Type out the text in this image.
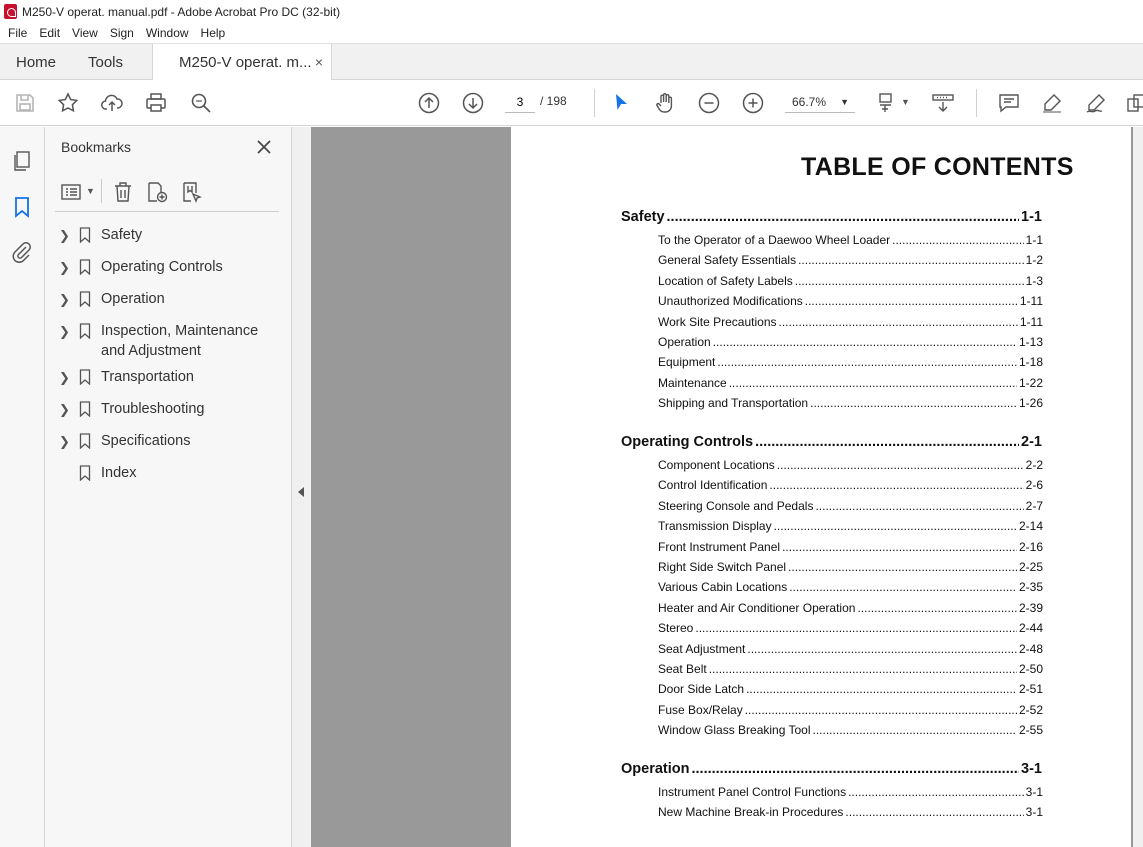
M250-V operat. manual.pdf - Adobe Acrobat Pro DC (32-bit)
File	Edit	View	Sign	Window	Help
Home Tools	M250-V operat. m... ×
▼
3
/ 198	66.7% ▼
Bookmarks
▼
❯ Safety
❯ Operating Controls
❯ Operation
❯ Inspection, Maintenance and Adjustment
❯ Transportation
❯ Troubleshooting
❯ Specifications
Index
TABLE OF CONTENTS
Safety .....	1-1
To the Operator of a Daewoo Wheel Loader .....	1-1
General Safety Essentials .....	1-2
Location of Safety Labels .....	1-3
Unauthorized Modifications .....	1-11
Work Site Precautions .....	1-11
Operation .....	1-13
Equipment .....	1-18
Maintenance .....	1-22
Shipping and Transportation .....	1-26
Operating Controls .....	2-1
Component Locations .....	2-2
Control Identification .....	2-6
Steering Console and Pedals .....	2-7
Transmission Display .....	2-14
Front Instrument Panel .....	2-16
Right Side Switch Panel .....	2-25
Various Cabin Locations .....	2-35
Heater and Air Conditioner Operation .....	2-39
Stereo .....	2-44
Seat Adjustment .....	2-48
Seat Belt .....	2-50
Door Side Latch .....	2-51
Fuse Box/Relay .....	2-52
Window Glass Breaking Tool .....	2-55
Operation .....	3-1
Instrument Panel Control Functions .....	3-1
New Machine Break-in Procedures .....	3-1
